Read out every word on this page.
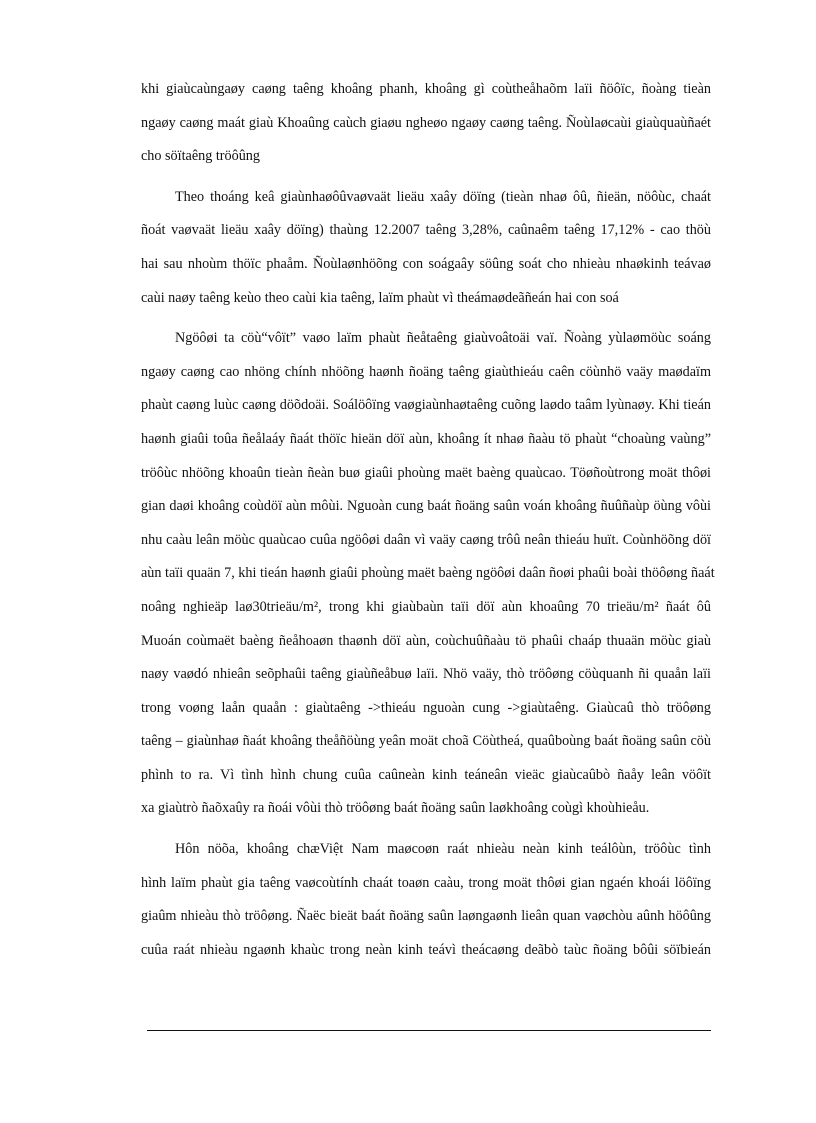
khi giaùcaùngaøy caøng taêng khoâng phanh, khoâng gì coùtheåhaõm laïi ñöôïc, ñoàng tieàn
ngaøy caøng maát giaù Khoaûng caùch giaøu ngheøo ngaøy caøng taêng. Ñoùlaøcaùi giaùquaùñaét
cho söïtaêng tröôûng
Theo thoáng keâ giaùnhaøôûvaøvaät lieäu xaây döïng (tieàn nhaø ôû, ñieän, nöôùc, chaát
ñoát vaøvaät lieäu xaây döïng) thaùng 12.2007 taêng 3,28%, caûnaêm taêng 17,12% - cao thöù
hai sau nhoùm thöïc phaåm. Ñoùlaønhöõng con soágaây söûng soát cho nhieàu nhaøkinh teávaø
caùi naøy taêng keùo theo caùi kia taêng, laïm phaùt vì theámaødeãñeán hai con soá
Ngöôøi ta cöù“vôït” vaøo laïm phaùt ñeåtaêng giaùvoâtoäi vaï. Ñoàng yùlaømöùc soáng
ngaøy caøng cao nhöng chính nhöõng haønh ñoäng taêng giaùthieáu caên cöùnhö vaäy maødaïm
phaùt caøng luùc caøng döõdoäi. Soálöôïng vaøgiaùnhaøtaêng cuõng laødo taâm lyùnaøy. Khi tieán
haønh giaûi toûa ñeålaáy ñaát thöïc hieän döï aùn, khoâng ít nhaø ñaàu tö phaùt “choaùng vaùng”
tröôùc nhöõng khoaûn tieàn ñeàn buø giaûi phoùng maët baèng quaùcao. Töøñoùtrong moät thôøi
gian daøi khoâng coùdöï aùn môùi. Nguoàn cung baát ñoäng saûn voán khoâng ñuûñaùp öùng vôùi
nhu caàu leân möùc quaùcao cuûa ngöôøi daân vì vaäy caøng trôû neân thieáu huït. Coùnhöõng döï
aùn taïi quaän 7, khi tieán haønh giaûi phoùng maët baèng ngöôøi daân ñoøi phaûi boài thöôøng ñaát
noâng nghieäp laø30trieäu/m², trong khi giaùbaùn taïi döï aùn khoaûng 70 trieäu/m² ñaát ôû
Muoán coùmaët baèng ñeåhoaøn thaønh döï aùn, coùchuûñaàu tö phaûi chaáp thuaän möùc giaù
naøy vaødó nhieân seõphaûi taêng giaùñeåbuø laïi. Nhö vaäy, thò tröôøng cöùquanh ñi quaån laïi
trong voøng laån quaån : giaùtaêng ->thieáu nguoàn cung ->giaùtaêng. Giaùcaû thò tröôøng
taêng – giaùnhaø ñaát khoâng theåñöùng yeân moät choã Cöùtheá, quaûboùng baát ñoäng saûn cöù
phình to ra. Vì tình hình chung cuûa caûneàn kinh teáneân vieäc giaùcaûbò ñaåy leân vöôït
xa giaùtrò ñaõxaûy ra ñoái vôùi thò tröôøng baát ñoäng saûn laøkhoâng coùgì khoùhieåu.
Hôn nöõa, khoâng chæViệt Nam maøcoøn raát nhieàu neàn kinh teálôùn, tröôùc tình
hình laïm phaùt gia taêng vaøcoùtính chaát toaøn caàu, trong moät thôøi gian ngaén khoái löôïng
giaûm nhieàu thò tröôøng. Ñaëc bieät baát ñoäng saûn laøngaønh lieân quan vaøchòu aûnh höôûng
cuûa raát nhieàu ngaønh khaùc trong neàn kinh teávì theácaøng deãbò taùc ñoäng bôûi söïbieán
